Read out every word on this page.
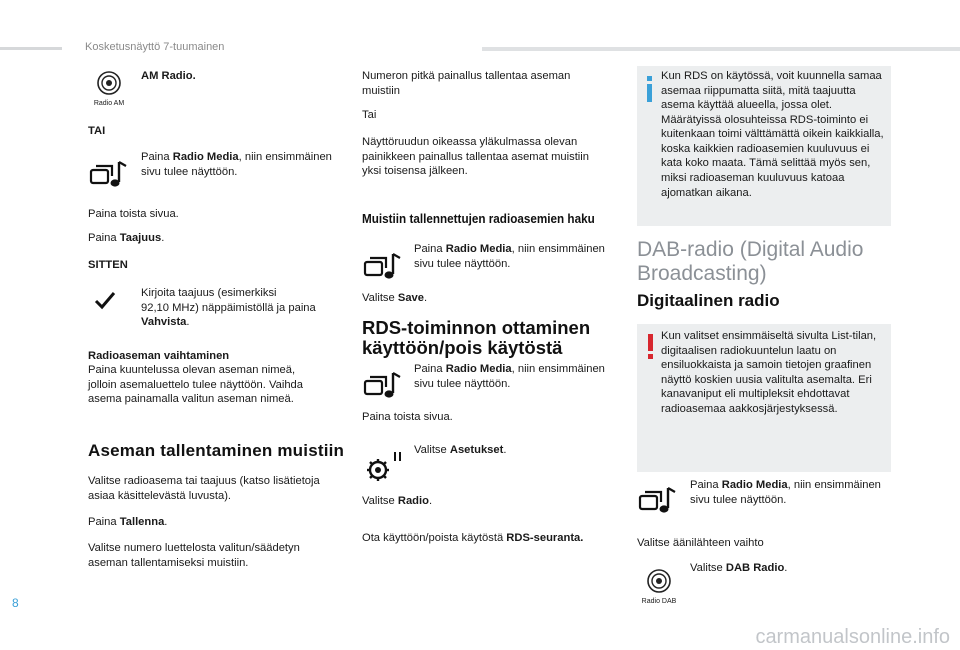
Kosketusnäyttö 7-tuumainen
Radio AM

AM Radio.

TAI

Paina Radio Media, niin ensimmäinen sivu tulee näyttöön.

Paina toista sivua.

Paina Taajuus.

SITTEN

Kirjoita taajuus (esimerkiksi
92,10 MHz) näppäimistöllä ja paina
Vahvista.

Radioaseman vaihtaminen

Paina kuuntelussa olevan aseman nimeä, jolloin asemaluettelo tulee näyttöön. Vaihda asema painamalla valitun aseman nimeä.

Aseman tallentaminen muistiin

Valitse radioasema tai taajuus (katso lisätietoja asiaa käsittelevästä luvusta).

Paina Tallenna.

Valitse numero luettelosta valitun/säädetyn aseman tallentamiseksi muistiin.

Numeron pitkä painallus tallentaa aseman muistiin

Tai

Näyttöruudun oikeassa yläkulmassa olevan painikkeen painallus tallentaa asemat muistiin yksi toisensa jälkeen.

Muistiin tallennettujen radioasemien haku

Paina Radio Media, niin ensimmäinen sivu tulee näyttöön.

Valitse Save.

RDS-toiminnon ottaminen
käyttöön/pois käytöstä

Paina Radio Media, niin ensimmäinen sivu tulee näyttöön.

Paina toista sivua.

Valitse Asetukset.

Valitse Radio.

Ota käyttöön/poista käytöstä RDS-seuranta.

Kun RDS on käytössä, voit kuunnella samaa asemaa riippumatta siitä, mitä taajuutta asema käyttää alueella, jossa olet. Määrätyissä olosuhteissa RDS-toiminto ei kuitenkaan toimi välttämättä oikein kaikkialla, koska kaikkien radioasemien kuuluvuus ei kata koko maata. Tämä selittää myös sen, miksi radioaseman kuuluvuus katoaa ajomatkan aikana.

DAB-radio (Digital Audio
Broadcasting)

Digitaalinen radio

Kun valitset ensimmäiseltä sivulta List-tilan, digitaalisen radiokuuntelun laatu on ensiluokkaista ja samoin tietojen graafinen näyttö koskien uusia valitulta asemalta. Eri kanavaniput eli multipleksit ehdottavat radioasemaa aakkosjärjestyksessä.

Paina Radio Media, niin ensimmäinen sivu tulee näyttöön.

Valitse äänilähteen vaihto

Radio DAB

Valitse DAB Radio.

8
carmanualsonline.info
